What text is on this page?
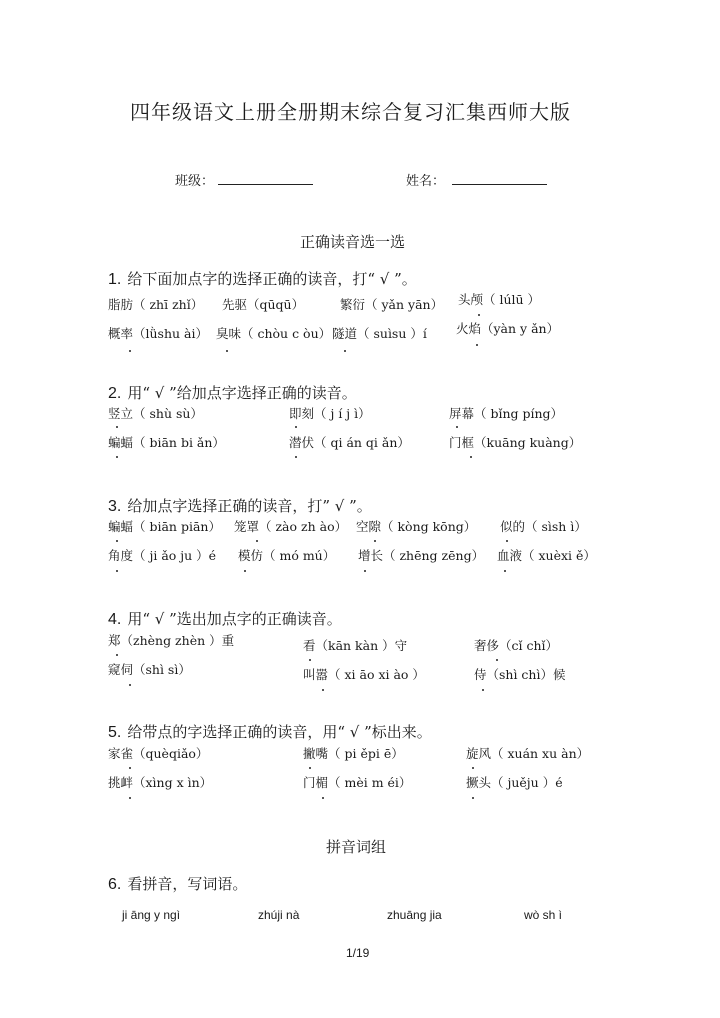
四年级语文上册全册期末综合复习汇集西师大版
班级：	姓名：
正确读音选一选
1. 给下面加点字的选择正确的读音，打“ √ ”。
脂肪（ zhī zhǐ） 先驱（qūqū）	繁衍（ yǎn yān） 头颅（ lúlū ）
概率（lǜshu ài） 臭味（ chòu c òu） 隧道（ suìsu ）í 火焰（yàn y ǎn）
2. 用“ √ ”给加点字选择正确的读音。
竖立（ shù sù）	即刻（ j í j ì）	屏幕（ bǐng píng）
蝙蝠（ biān bi ǎn）	潜伏（ qi án qi ǎn）	门框（kuāng kuàng）
3. 给加点字选择正确的读音，打” √ ”。
蝙蝠（ biān piān） 笼罩（ zào zh ào） 空隙（ kòng kōng） 似的（ sìsh ì）
角度（ ji ǎo ju ）é 模仿（ mó mú） 增长（ zhēng zēng） 血液（ xuèxi ě）
4. 用“ √ ”选出加点字的正确读音。
郑（zhèng zhèn ）重	看（kān kàn ）守	奢侈（cǐ chǐ）
窥伺（shì sì）	叫嚣（ xi āo xi ào ）	侍（shì chì）候
5. 给带点的字选择正确的读音，用“ √ ”标出来。
家雀（quèqiǎo）	撇嘴（ pi ěpi ē）	旋风（ xuán xu àn）
挑衅（xìng x ìn）	门楣（ mèi m éi）	撅头（ juěju ）é
拼音词组
6. 看拼音，写词语。
ji āng y ngì	zhúji nà	zhuāng jia	wò sh ì
1/19
